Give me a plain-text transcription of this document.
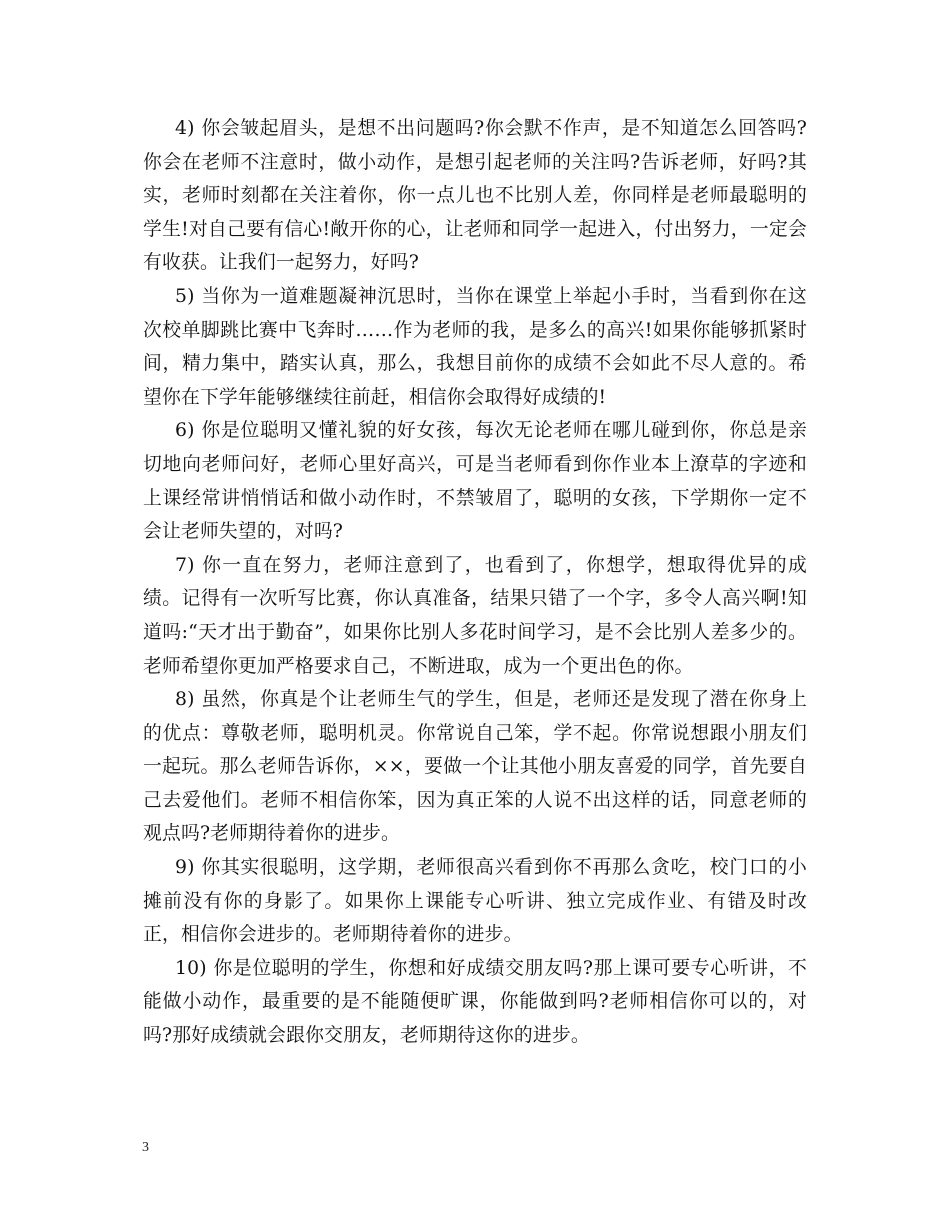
4) 你会皱起眉头，是想不出问题吗?你会默不作声，是不知道怎么回答吗?你会在老师不注意时，做小动作，是想引起老师的关注吗?告诉老师，好吗?其实，老师时刻都在关注着你，你一点儿也不比别人差，你同样是老师最聪明的学生!对自己要有信心!敞开你的心，让老师和同学一起进入，付出努力，一定会有收获。让我们一起努力，好吗?

5) 当你为一道难题凝神沉思时，当你在课堂上举起小手时，当看到你在这次校单脚跳比赛中飞奔时……作为老师的我，是多么的高兴!如果你能够抓紧时间，精力集中，踏实认真，那么，我想目前你的成绩不会如此不尽人意的。希望你在下学年能够继续往前赶，相信你会取得好成绩的!

6) 你是位聪明又懂礼貌的好女孩，每次无论老师在哪儿碰到你，你总是亲切地向老师问好，老师心里好高兴，可是当老师看到你作业本上潦草的字迹和上课经常讲悄悄话和做小动作时，不禁皱眉了，聪明的女孩，下学期你一定不会让老师失望的，对吗?

7) 你一直在努力，老师注意到了，也看到了，你想学，想取得优异的成绩。记得有一次听写比赛，你认真准备，结果只错了一个字，多令人高兴啊!知道吗:“天才出于勤奋”，如果你比别人多花时间学习，是不会比别人差多少的。老师希望你更加严格要求自己，不断进取，成为一个更出色的你。

8) 虽然，你真是个让老师生气的学生，但是，老师还是发现了潜在你身上的优点：尊敬老师，聪明机灵。你常说自己笨，学不起。你常说想跟小朋友们一起玩。那么老师告诉你，××，要做一个让其他小朋友喜爱的同学，首先要自己去爱他们。老师不相信你笨，因为真正笨的人说不出这样的话，同意老师的观点吗?老师期待着你的进步。

9) 你其实很聪明，这学期，老师很高兴看到你不再那么贪吃，校门口的小摊前没有你的身影了。如果你上课能专心听讲、独立完成作业、有错及时改正，相信你会进步的。老师期待着你的进步。

10) 你是位聪明的学生，你想和好成绩交朋友吗?那上课可要专心听讲，不能做小动作，最重要的是不能随便旷课，你能做到吗?老师相信你可以的，对吗?那好成绩就会跟你交朋友，老师期待这你的进步。

3
